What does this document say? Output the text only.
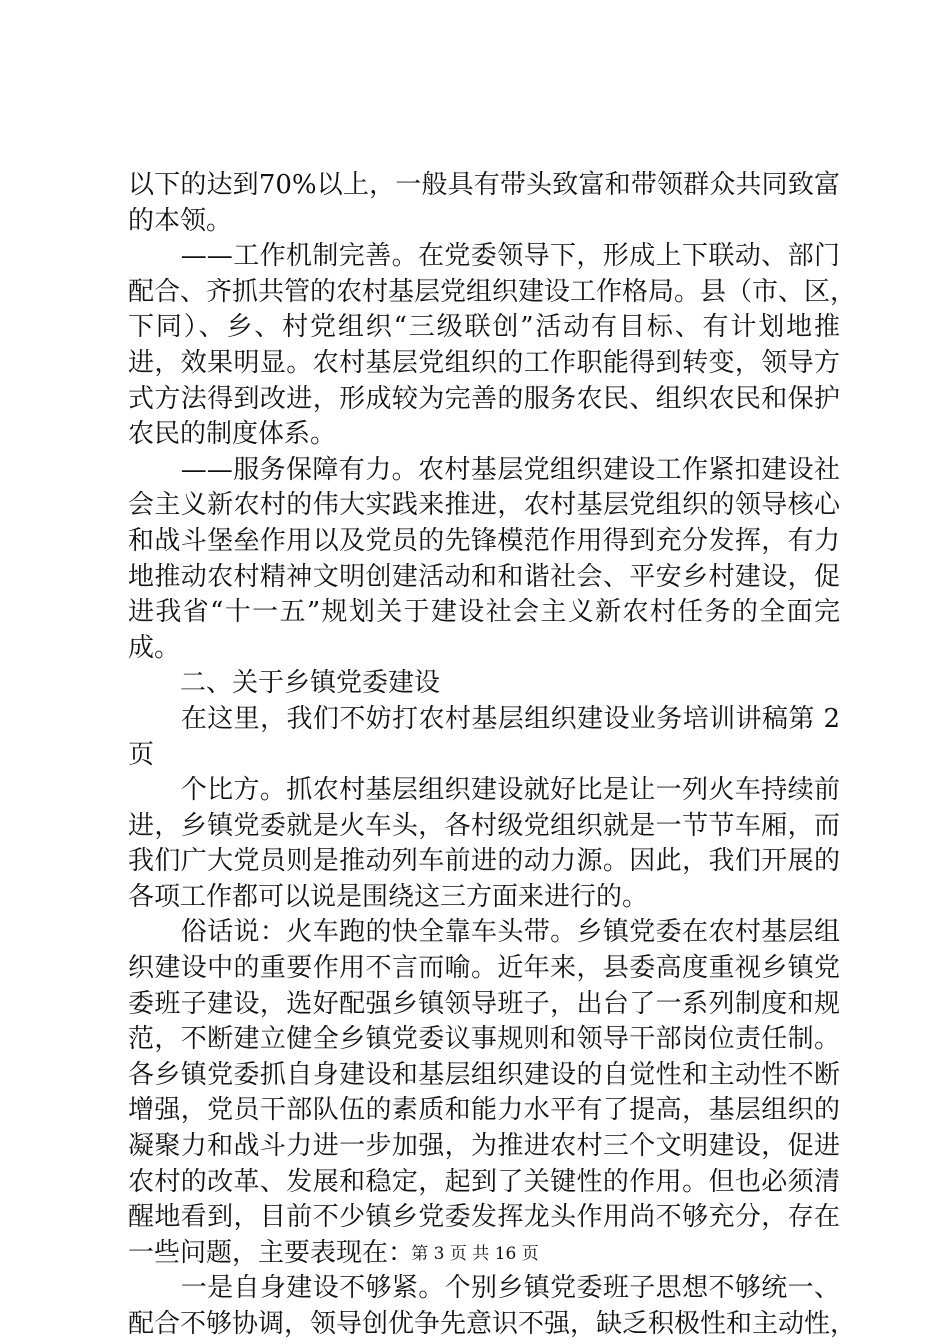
以下的达到70%以上，一般具有带头致富和带领群众共同致富
的本领。
　　——工作机制完善。在党委领导下，形成上下联动、部门
配合、齐抓共管的农村基层党组织建设工作格局。县（市、区，
下同）、乡、村党组织“三级联创”活动有目标、有计划地推
进，效果明显。农村基层党组织的工作职能得到转变，领导方
式方法得到改进，形成较为完善的服务农民、组织农民和保护
农民的制度体系。
　　——服务保障有力。农村基层党组织建设工作紧扣建设社
会主义新农村的伟大实践来推进，农村基层党组织的领导核心
和战斗堡垒作用以及党员的先锋模范作用得到充分发挥，有力
地推动农村精神文明创建活动和和谐社会、平安乡村建设，促
进我省“十一五”规划关于建设社会主义新农村任务的全面完
成。
　　二、关于乡镇党委建设
　　在这里，我们不妨打农村基层组织建设业务培训讲稿第 2
页
　　个比方。抓农村基层组织建设就好比是让一列火车持续前
进，乡镇党委就是火车头，各村级党组织就是一节节车厢，而
我们广大党员则是推动列车前进的动力源。因此，我们开展的
各项工作都可以说是围绕这三方面来进行的。
　　俗话说：火车跑的快全靠车头带。乡镇党委在农村基层组
织建设中的重要作用不言而喻。近年来，县委高度重视乡镇党
委班子建设，选好配强乡镇领导班子，出台了一系列制度和规
范，不断建立健全乡镇党委议事规则和领导干部岗位责任制。
各乡镇党委抓自身建设和基层组织建设的自觉性和主动性不断
增强，党员干部队伍的素质和能力水平有了提高，基层组织的
凝聚力和战斗力进一步加强，为推进农村三个文明建设，促进
农村的改革、发展和稳定，起到了关键性的作用。但也必须清
醒地看到，目前不少镇乡党委发挥龙头作用尚不够充分，存在
一些问题，主要表现在：
　　一是自身建设不够紧。个别乡镇党委班子思想不够统一、
配合不够协调，领导创优争先意识不强，缺乏积极性和主动性，
第 3 页 共 16 页
